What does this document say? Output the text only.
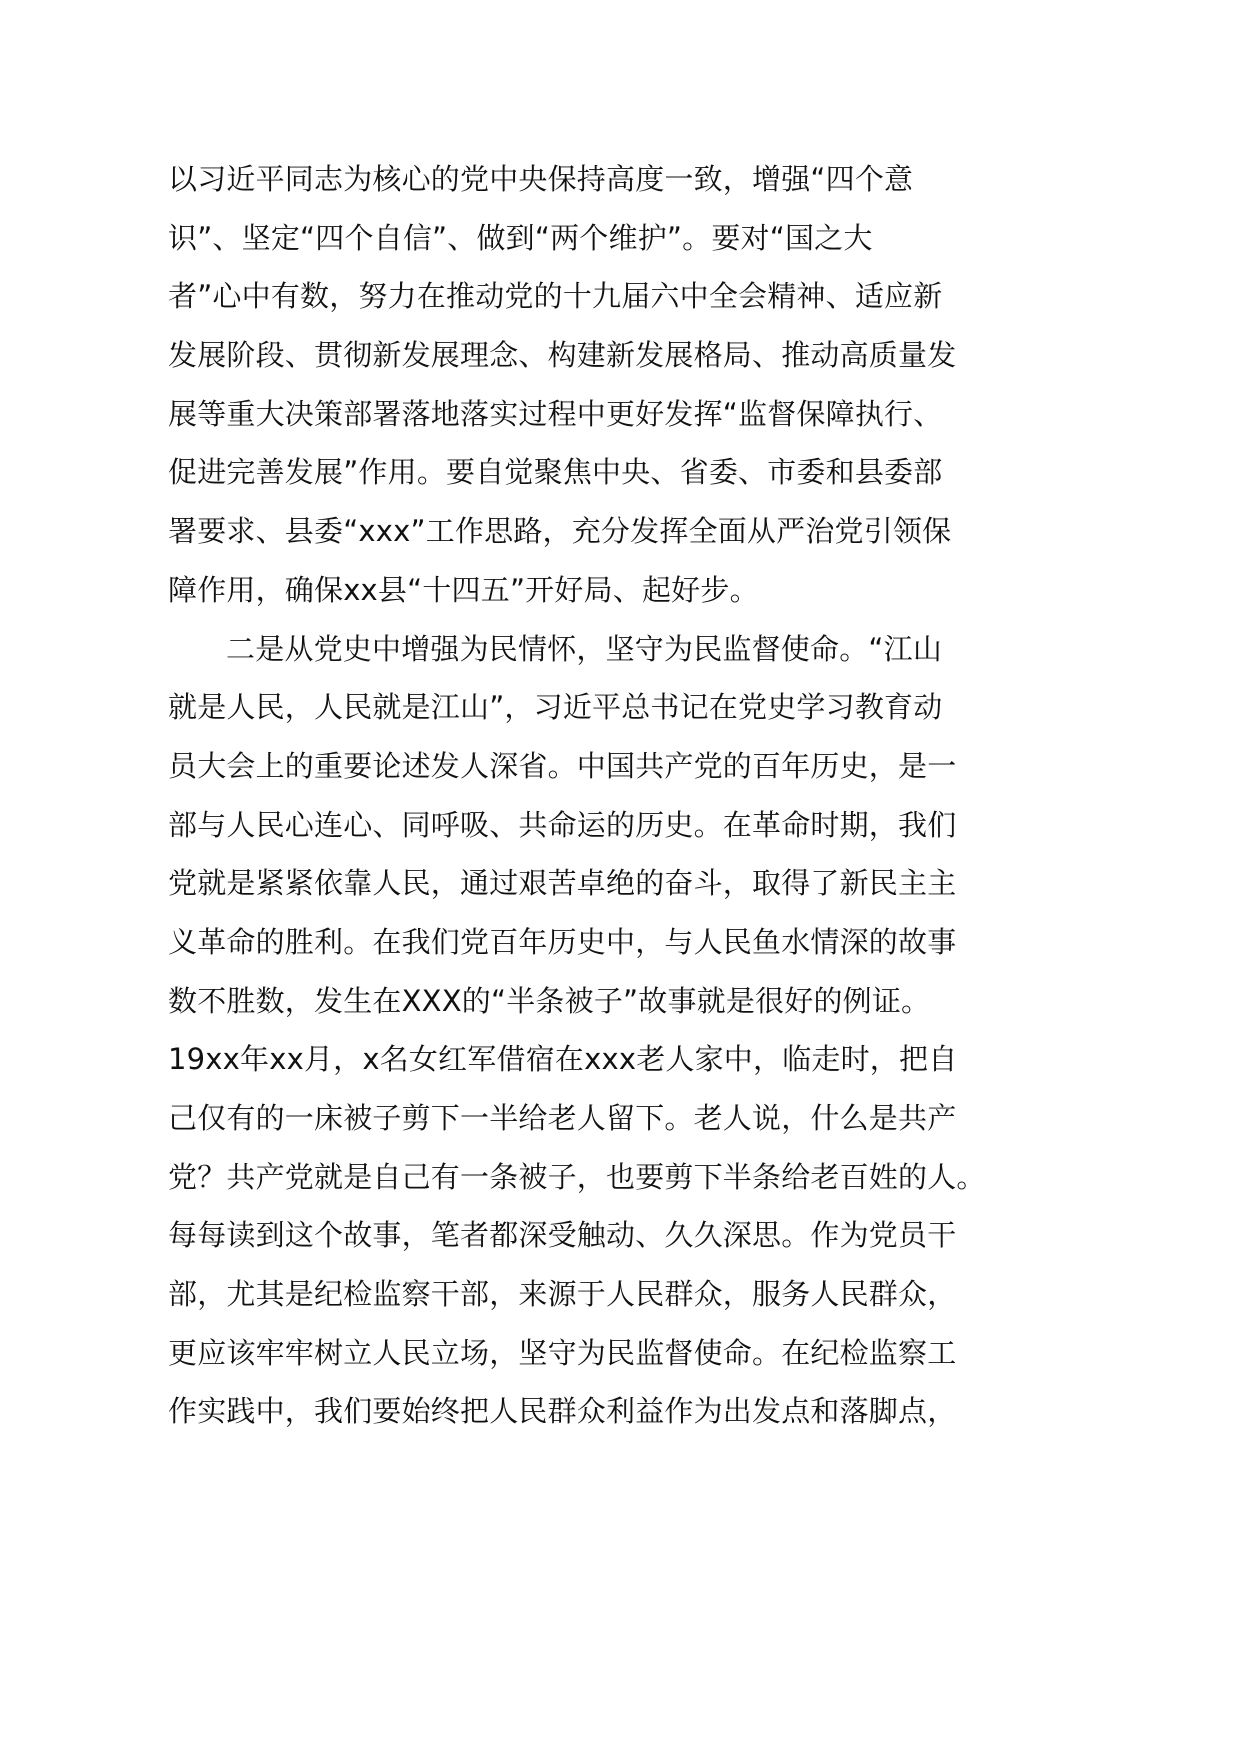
以习近平同志为核心的党中央保持高度一致，增强“四个意
识”、坚定“四个自信”、做到“两个维护”。要对“国之大
者”心中有数，努力在推动党的十九届六中全会精神、适应新
发展阶段、贯彻新发展理念、构建新发展格局、推动高质量发
展等重大决策部署落地落实过程中更好发挥“监督保障执行、
促进完善发展”作用。要自觉聚焦中央、省委、市委和县委部
署要求、县委“xxx”工作思路，充分发挥全面从严治党引领保
障作用，确保xx县“十四五”开好局、起好步。
二是从党史中增强为民情怀，坚守为民监督使命。“江山
就是人民，人民就是江山”，习近平总书记在党史学习教育动
员大会上的重要论述发人深省。中国共产党的百年历史，是一
部与人民心连心、同呼吸、共命运的历史。在革命时期，我们
党就是紧紧依靠人民，通过艰苦卓绝的奋斗，取得了新民主主
义革命的胜利。在我们党百年历史中，与人民鱼水情深的故事
数不胜数，发生在XXX的“半条被子”故事就是很好的例证。
19xx年xx月，x名女红军借宿在xxx老人家中，临走时，把自
己仅有的一床被子剪下一半给老人留下。老人说，什么是共产
党？共产党就是自己有一条被子，也要剪下半条给老百姓的人。
每每读到这个故事，笔者都深受触动、久久深思。作为党员干
部，尤其是纪检监察干部，来源于人民群众，服务人民群众，
更应该牢牢树立人民立场，坚守为民监督使命。在纪检监察工
作实践中，我们要始终把人民群众利益作为出发点和落脚点，
